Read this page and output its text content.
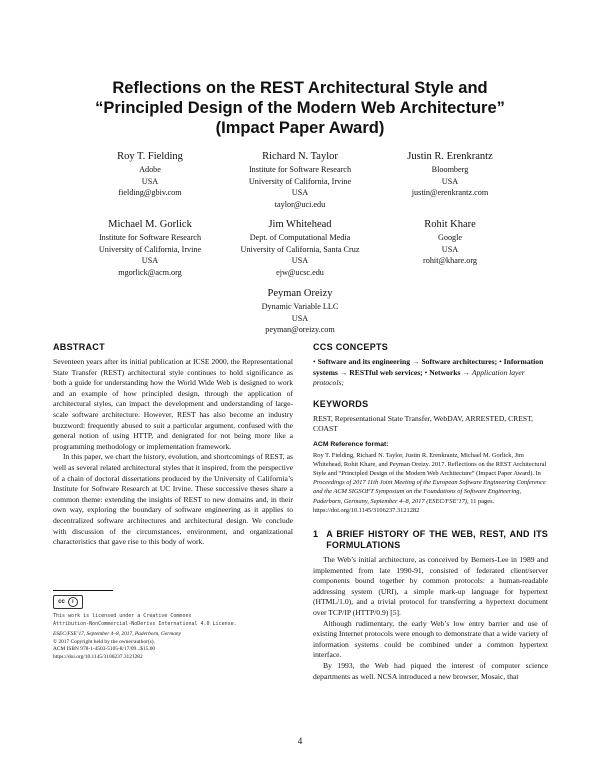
Reflections on the REST Architectural Style and
“Principled Design of the Modern Web Architecture”
(Impact Paper Award)
Roy T. Fielding
Adobe
USA
fielding@gbiv.com
Richard N. Taylor
Institute for Software Research
University of California, Irvine
USA
taylor@uci.edu
Justin R. Erenkrantz
Bloomberg
USA
justin@erenkrantz.com
Michael M. Gorlick
Institute for Software Research
University of California, Irvine
USA
mgorlick@acm.org
Jim Whitehead
Dept. of Computational Media
University of California, Santa Cruz
USA
ejw@ucsc.edu
Rohit Khare
Google
USA
rohit@khare.org
Peyman Oreizy
Dynamic Variable LLC
USA
peyman@oreizy.com
ABSTRACT

Seventeen years after its initial publication at ICSE 2000, the Representational State Transfer (REST) architectural style continues to hold significance as both a guide for understanding how the World Wide Web is designed to work and an example of how principled design, through the application of architectural styles, can impact the development and understanding of large-scale software architecture. However, REST has also become an industry buzzword: frequently abused to suit a particular argument, confused with the general notion of using HTTP, and denigrated for not being more like a programming methodology or implementation framework.

In this paper, we chart the history, evolution, and shortcomings of REST, as well as several related architectural styles that it inspired, from the perspective of a chain of doctoral dissertations produced by the University of California’s Institute for Software Research at UC Irvine. These successive theses share a common theme: extending the insights of REST to new domains and, in their own way, exploring the boundary of software engineering as it applies to decentralized software architectures and architectural design. We conclude with discussion of the circumstances, environment, and organizational characteristics that gave rise to this body of work.

cc	i
This work is licensed under a Creative Commons
Attribution-NonCommercial-NoDerivs International 4.0 License.
ESEC/FSE’17, September 4–8, 2017, Paderborn, Germany
© 2017 Copyright held by the owner/author(s).
ACM ISBN 978-1-4503-5105-8/17/09...$15.00
https://doi.org/10.1145/3106237.3121282
CCS CONCEPTS

• Software and its engineering → Software architectures; • Information systems → RESTful web services; • Networks → Application layer protocols;

KEYWORDS

REST, Representational State Transfer, WebDAV, ARRESTED, CREST, COAST

ACM Reference format:
Roy T. Fielding, Richard N. Taylor, Justin R. Erenkrantz, Michael M. Gorlick, Jim Whitehead, Rohit Khare, and Peyman Oreizy. 2017. Reflections on the REST Architectural Style and “Principled Design of the Modern Web Architecture” (Impact Paper Award). In Proceedings of 2017 11th Joint Meeting of the European Software Engineering Conference and the ACM SIGSOFT Symposium on the Foundations of Software Engineering, Paderborn, Germany, September 4–8, 2017 (ESEC/FSE’17), 11 pages.
https://doi.org/10.1145/3106237.3121282
1 A BRIEF HISTORY OF THE WEB, REST, AND ITS FORMULATIONS

The Web’s initial architecture, as conceived by Berners-Lee in 1989 and implemented from late 1990-91, consisted of federated client/server components bound together by common protocols: a human-readable addressing system (URI), a simple mark-up language for hypertext (HTML/1.0), and a trivial protocol for transferring a hypertext document over TCP/IP (HTTP/0.9) [5].

Although rudimentary, the early Web’s low entry barrier and use of existing Internet protocols were enough to demonstrate that a wide variety of information systems could be combined under a common hypertext interface.

By 1993, the Web had piqued the interest of computer science departments as well. NCSA introduced a new browser, Mosaic, that

4
